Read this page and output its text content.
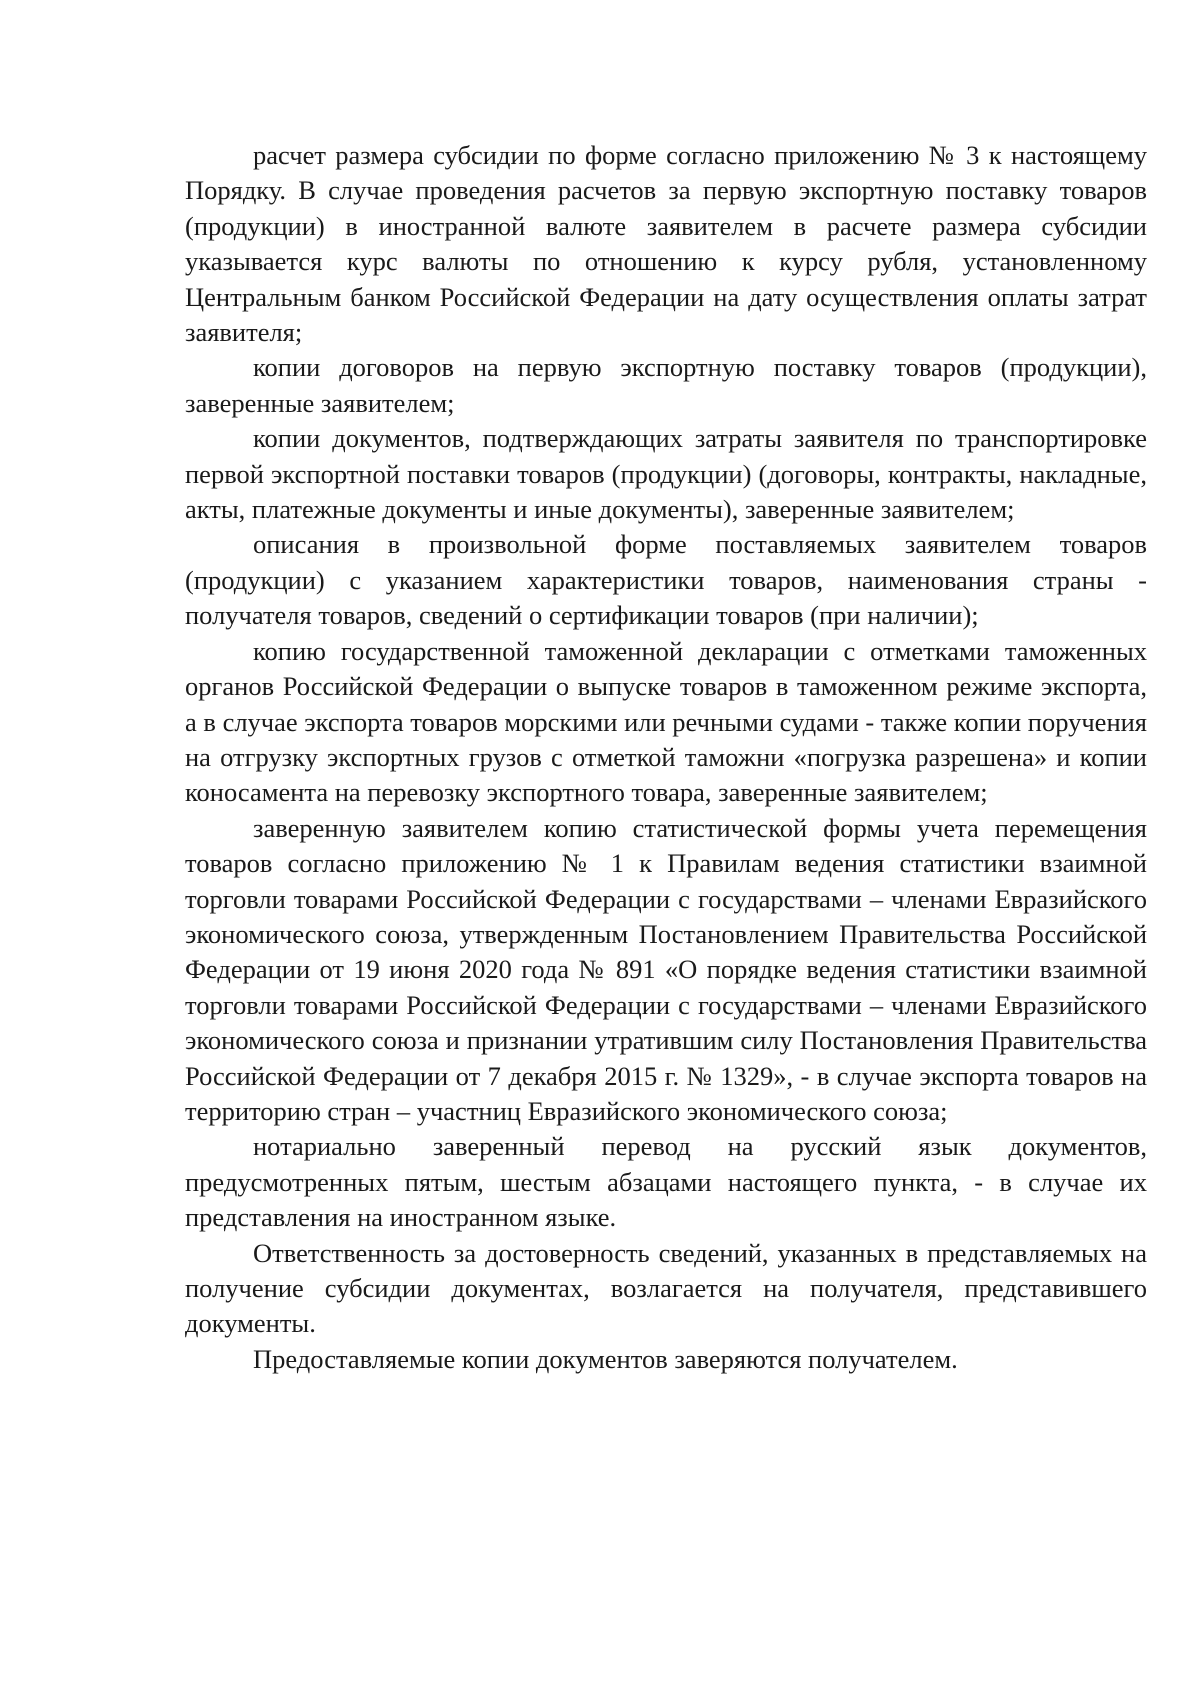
расчет размера субсидии по форме согласно приложению № 3 к настоящему Порядку. В случае проведения расчетов за первую экспортную поставку товаров (продукции) в иностранной валюте заявителем в расчете размера субсидии указывается курс валюты по отношению к курсу рубля, установленному Центральным банком Российской Федерации на дату осуществления оплаты затрат заявителя;

копии договоров на первую экспортную поставку товаров (продукции), заверенные заявителем;

копии документов, подтверждающих затраты заявителя по транспортировке первой экспортной поставки товаров (продукции) (договоры, контракты, накладные, акты, платежные документы и иные документы), заверенные заявителем;

описания в произвольной форме поставляемых заявителем товаров (продукции) с указанием характеристики товаров, наименования страны - получателя товаров, сведений о сертификации товаров (при наличии);

копию государственной таможенной декларации с отметками таможенных органов Российской Федерации о выпуске товаров в таможенном режиме экспорта, а в случае экспорта товаров морскими или речными судами - также копии поручения на отгрузку экспортных грузов с отметкой таможни «погрузка разрешена» и копии коносамента на перевозку экспортного товара, заверенные заявителем;

заверенную заявителем копию статистической формы учета перемещения товаров согласно приложению № 1 к Правилам ведения статистики взаимной торговли товарами Российской Федерации с государствами – членами Евразийского экономического союза, утвержденным Постановлением Правительства Российской Федерации от 19 июня 2020 года № 891 «О порядке ведения статистики взаимной торговли товарами Российской Федерации с государствами – членами Евразийского экономического союза и признании утратившим силу Постановления Правительства Российской Федерации от 7 декабря 2015 г. № 1329», - в случае экспорта товаров на территорию стран – участниц Евразийского экономического союза;

нотариально заверенный перевод на русский язык документов, предусмотренных пятым, шестым абзацами настоящего пункта, - в случае их представления на иностранном языке.

Ответственность за достоверность сведений, указанных в представляемых на получение субсидии документах, возлагается на получателя, представившего документы.

Предоставляемые копии документов заверяются получателем.
